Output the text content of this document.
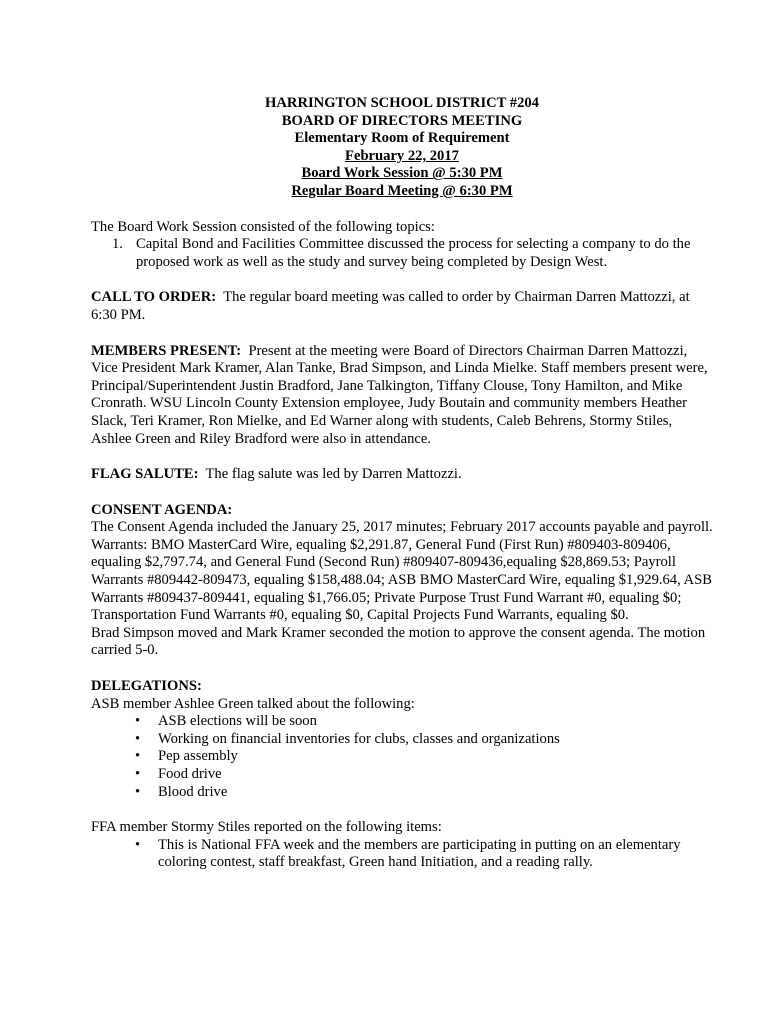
HARRINGTON SCHOOL DISTRICT #204
BOARD OF DIRECTORS MEETING
Elementary Room of Requirement
February 22, 2017
Board Work Session @ 5:30 PM
Regular Board Meeting @ 6:30 PM

The Board Work Session consisted of the following topics:

1. Capital Bond and Facilities Committee discussed the process for selecting a company to do the proposed work as well as the study and survey being completed by Design West.

CALL TO ORDER: The regular board meeting was called to order by Chairman Darren Mattozzi, at 6:30 PM.

MEMBERS PRESENT: Present at the meeting were Board of Directors Chairman Darren Mattozzi, Vice President Mark Kramer, Alan Tanke, Brad Simpson, and Linda Mielke. Staff members present were, Principal/Superintendent Justin Bradford, Jane Talkington, Tiffany Clouse, Tony Hamilton, and Mike Cronrath. WSU Lincoln County Extension employee, Judy Boutain and community members Heather Slack, Teri Kramer, Ron Mielke, and Ed Warner along with students, Caleb Behrens, Stormy Stiles, Ashlee Green and Riley Bradford were also in attendance.

FLAG SALUTE: The flag salute was led by Darren Mattozzi.

CONSENT AGENDA:

The Consent Agenda included the January 25, 2017 minutes; February 2017 accounts payable and payroll. Warrants: BMO MasterCard Wire, equaling $2,291.87, General Fund (First Run) #809403-809406, equaling $2,797.74, and General Fund (Second Run) #809407-809436,equaling $28,869.53; Payroll Warrants #809442-809473, equaling $158,488.04; ASB BMO MasterCard Wire, equaling $1,929.64, ASB Warrants #809437-809441, equaling $1,766.05; Private Purpose Trust Fund Warrant #0, equaling $0; Transportation Fund Warrants #0, equaling $0, Capital Projects Fund Warrants, equaling $0.

Brad Simpson moved and Mark Kramer seconded the motion to approve the consent agenda. The motion carried 5-0.

DELEGATIONS:

ASB member Ashlee Green talked about the following:

• ASB elections will be soon
• Working on financial inventories for clubs, classes and organizations
• Pep assembly
• Food drive
• Blood drive

FFA member Stormy Stiles reported on the following items:

• This is National FFA week and the members are participating in putting on an elementary coloring contest, staff breakfast, Green hand Initiation, and a reading rally.
